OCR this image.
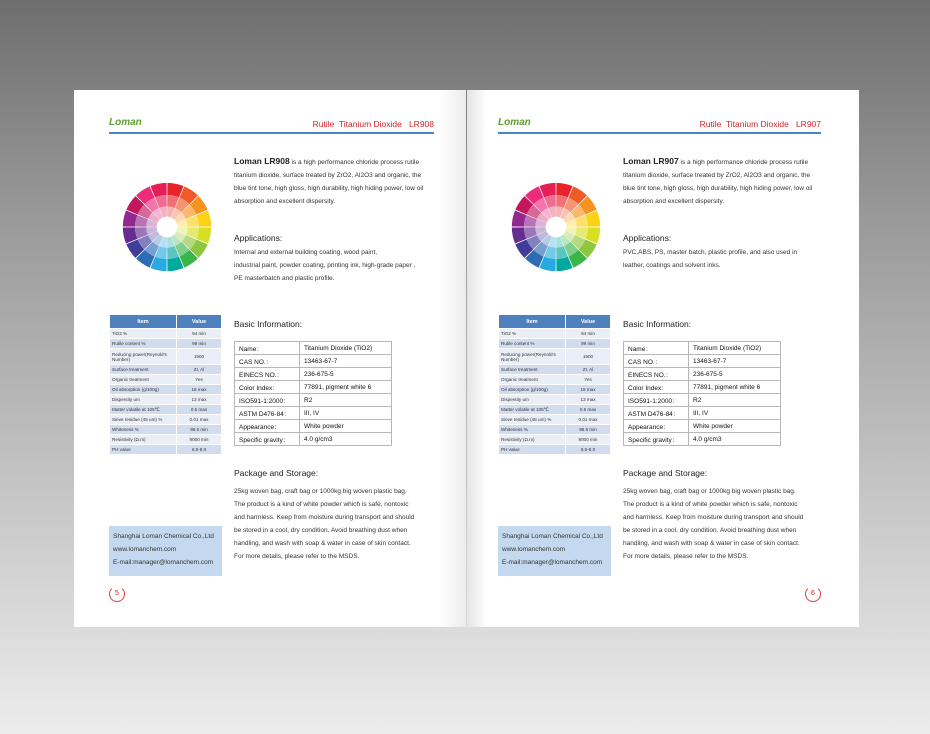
Loman	Rutile  Titanium Dioxide   LR908
Loman LR908 is a high performance chloride process rutile
titanium dioxide, surface treated by ZrO2, Al2O3 and organic, the
blue tint tone, high gloss, high durability, high hiding power, low oil
absorption and excellent dispersity.
Applications:
Internal and external building coating, wood paint,
industrial paint, powder coating, printing ink, high-grade paper ,
PE masterbatch and plastic profile.
Item	Value
TiO2 %	94 min
Rutile content %	99 min
Reducing power(Reynold's Number)	1900
Surface treatment	Zr, Al
Organic treatment	Yes
Oil absorption (g/100g)	16 max
Dispersity um	13 max
Matter volatile at 105℃	0.5 max
Sieve residue (45 um) %	0.01 max
Whiteness %	98.5 min
Resistivity (Ω.m)	9000 min
PH value	6.5-8.0
Basic Information:
Name：	Titanium Dioxide (TiO2)
CAS NO.：	13463-67-7
EINECS NO.：	236-675-5
Color Index：	77891, pigment white 6
ISO591-1:2000：	R2
ASTM D476-84：	III, IV
Appearance：	White powder
Specific gravity：	4.0 g/cm3
Package and Storage:
25kg woven bag, craft bag or 1000kg big woven plastic bag.
The product is a kind of white powder which is safe, nontoxic
and harmless. Keep from moisture during transport and should
be stored in a cool, dry condition. Avoid breathing dust when
handling, and wash with soap & water in case of skin contact.
For more details, please refer to the MSDS.
Shanghai Loman Chemical Co.,Ltd
www.lomanchem.com
E-mail:manager@lomanchem.com
5
Loman	Rutile  Titanium Dioxide   LR907
Loman LR907 is a high performance chloride process rutile
titanium dioxide, surface treated by ZrO2, Al2O3 and organic, the
blue tint tone, high gloss, high durability, high hiding power, low oil
absorption and excellent dispersity.
Applications:
PVC,ABS, PS, master batch, plastic profile, and also used in
leather, coatings and solvent inks.
Item	Value
TiO2 %	94 min
Rutile content %	99 min
Reducing power(Reynold's Number)	1900
Surface treatment	Zr, Al
Organic treatment	Yes
Oil absorption (g/100g)	16 max
Dispersity um	13 max
Matter volatile at 105℃	0.5 max
Sieve residue (45 um) %	0.01 max
Whiteness %	98.5 min
Resistivity (Ω.m)	9000 min
PH value	6.5-8.0
Basic Information:
Name：	Titanium Dioxide (TiO2)
CAS NO.：	13463-67-7
EINECS NO.：	236-675-5
Color Index：	77891, pigment white 6
ISO591-1:2000：	R2
ASTM D476-84：	III, IV
Appearance：	White powder
Specific gravity：	4.0 g/cm3
Package and Storage:
25kg woven bag, craft bag or 1000kg big woven plastic bag.
The product is a kind of white powder which is safe, nontoxic
and harmless. Keep from moisture during transport and should
be stored in a cool, dry condition. Avoid breathing dust when
handling, and wash with soap & water in case of skin contact.
For more details, please refer to the MSDS.
Shanghai Loman Chemical Co.,Ltd
www.lomanchem.com
E-mail:manager@lomanchem.com
6
